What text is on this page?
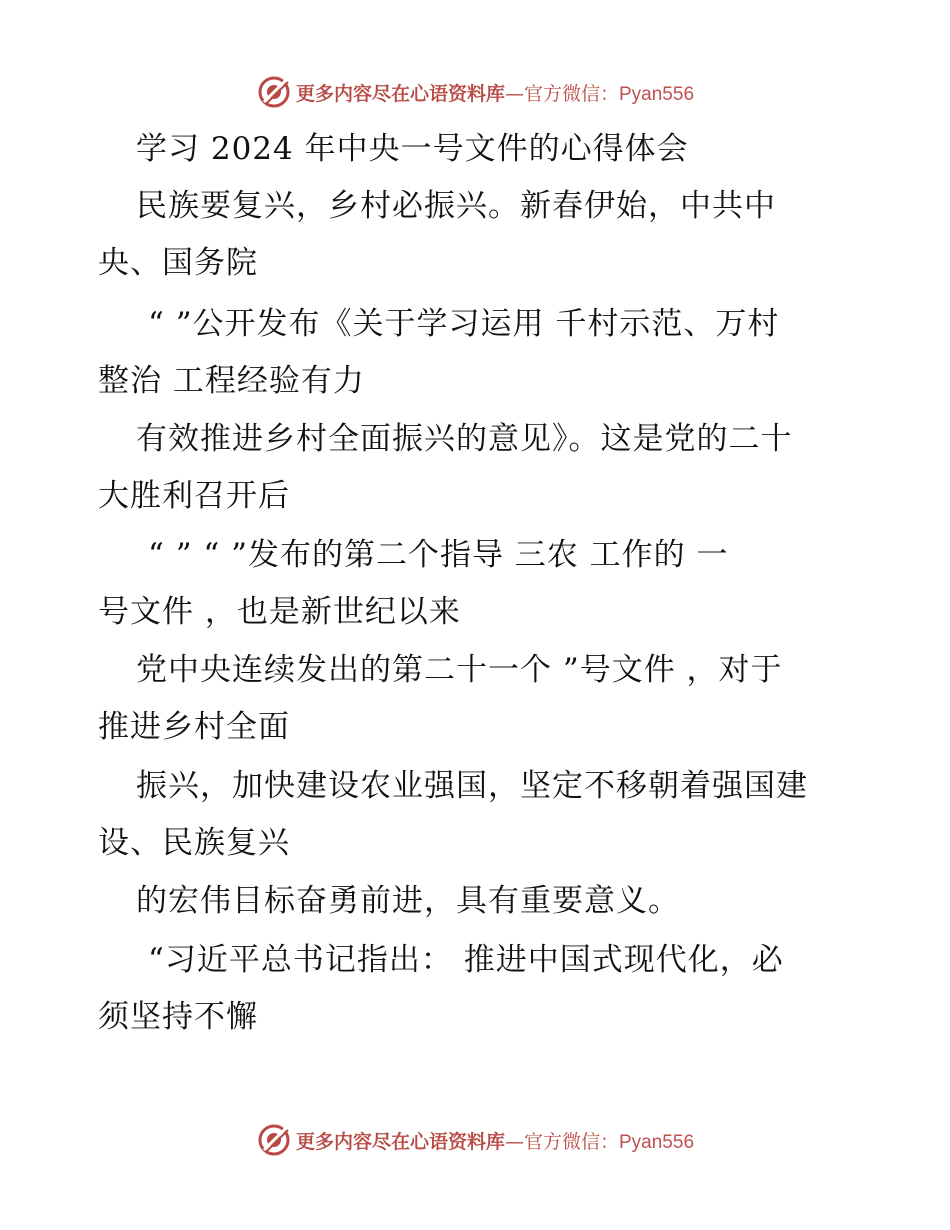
更多内容尽在心语资料库—官方微信：Pyan556
学习 2024 年中央一号文件的心得体会
民族要复兴，乡村必振兴。新春伊始，中共中
央、国务院
“ ”公开发布《关于学习运用 千村示范、万村
整治 工程经验有力
有效推进乡村全面振兴的意见》。这是党的二十
大胜利召开后
“ ” “ ”发布的第二个指导 三农 工作的 一
号文件 ，也是新世纪以来
党中央连续发出的第二十一个 ”号文件 ，对于
推进乡村全面
振兴，加快建设农业强国，坚定不移朝着强国建
设、民族复兴
的宏伟目标奋勇前进，具有重要意义。
“习近平总书记指出： 推进中国式现代化，必
须坚持不懈
更多内容尽在心语资料库—官方微信：Pyan556
